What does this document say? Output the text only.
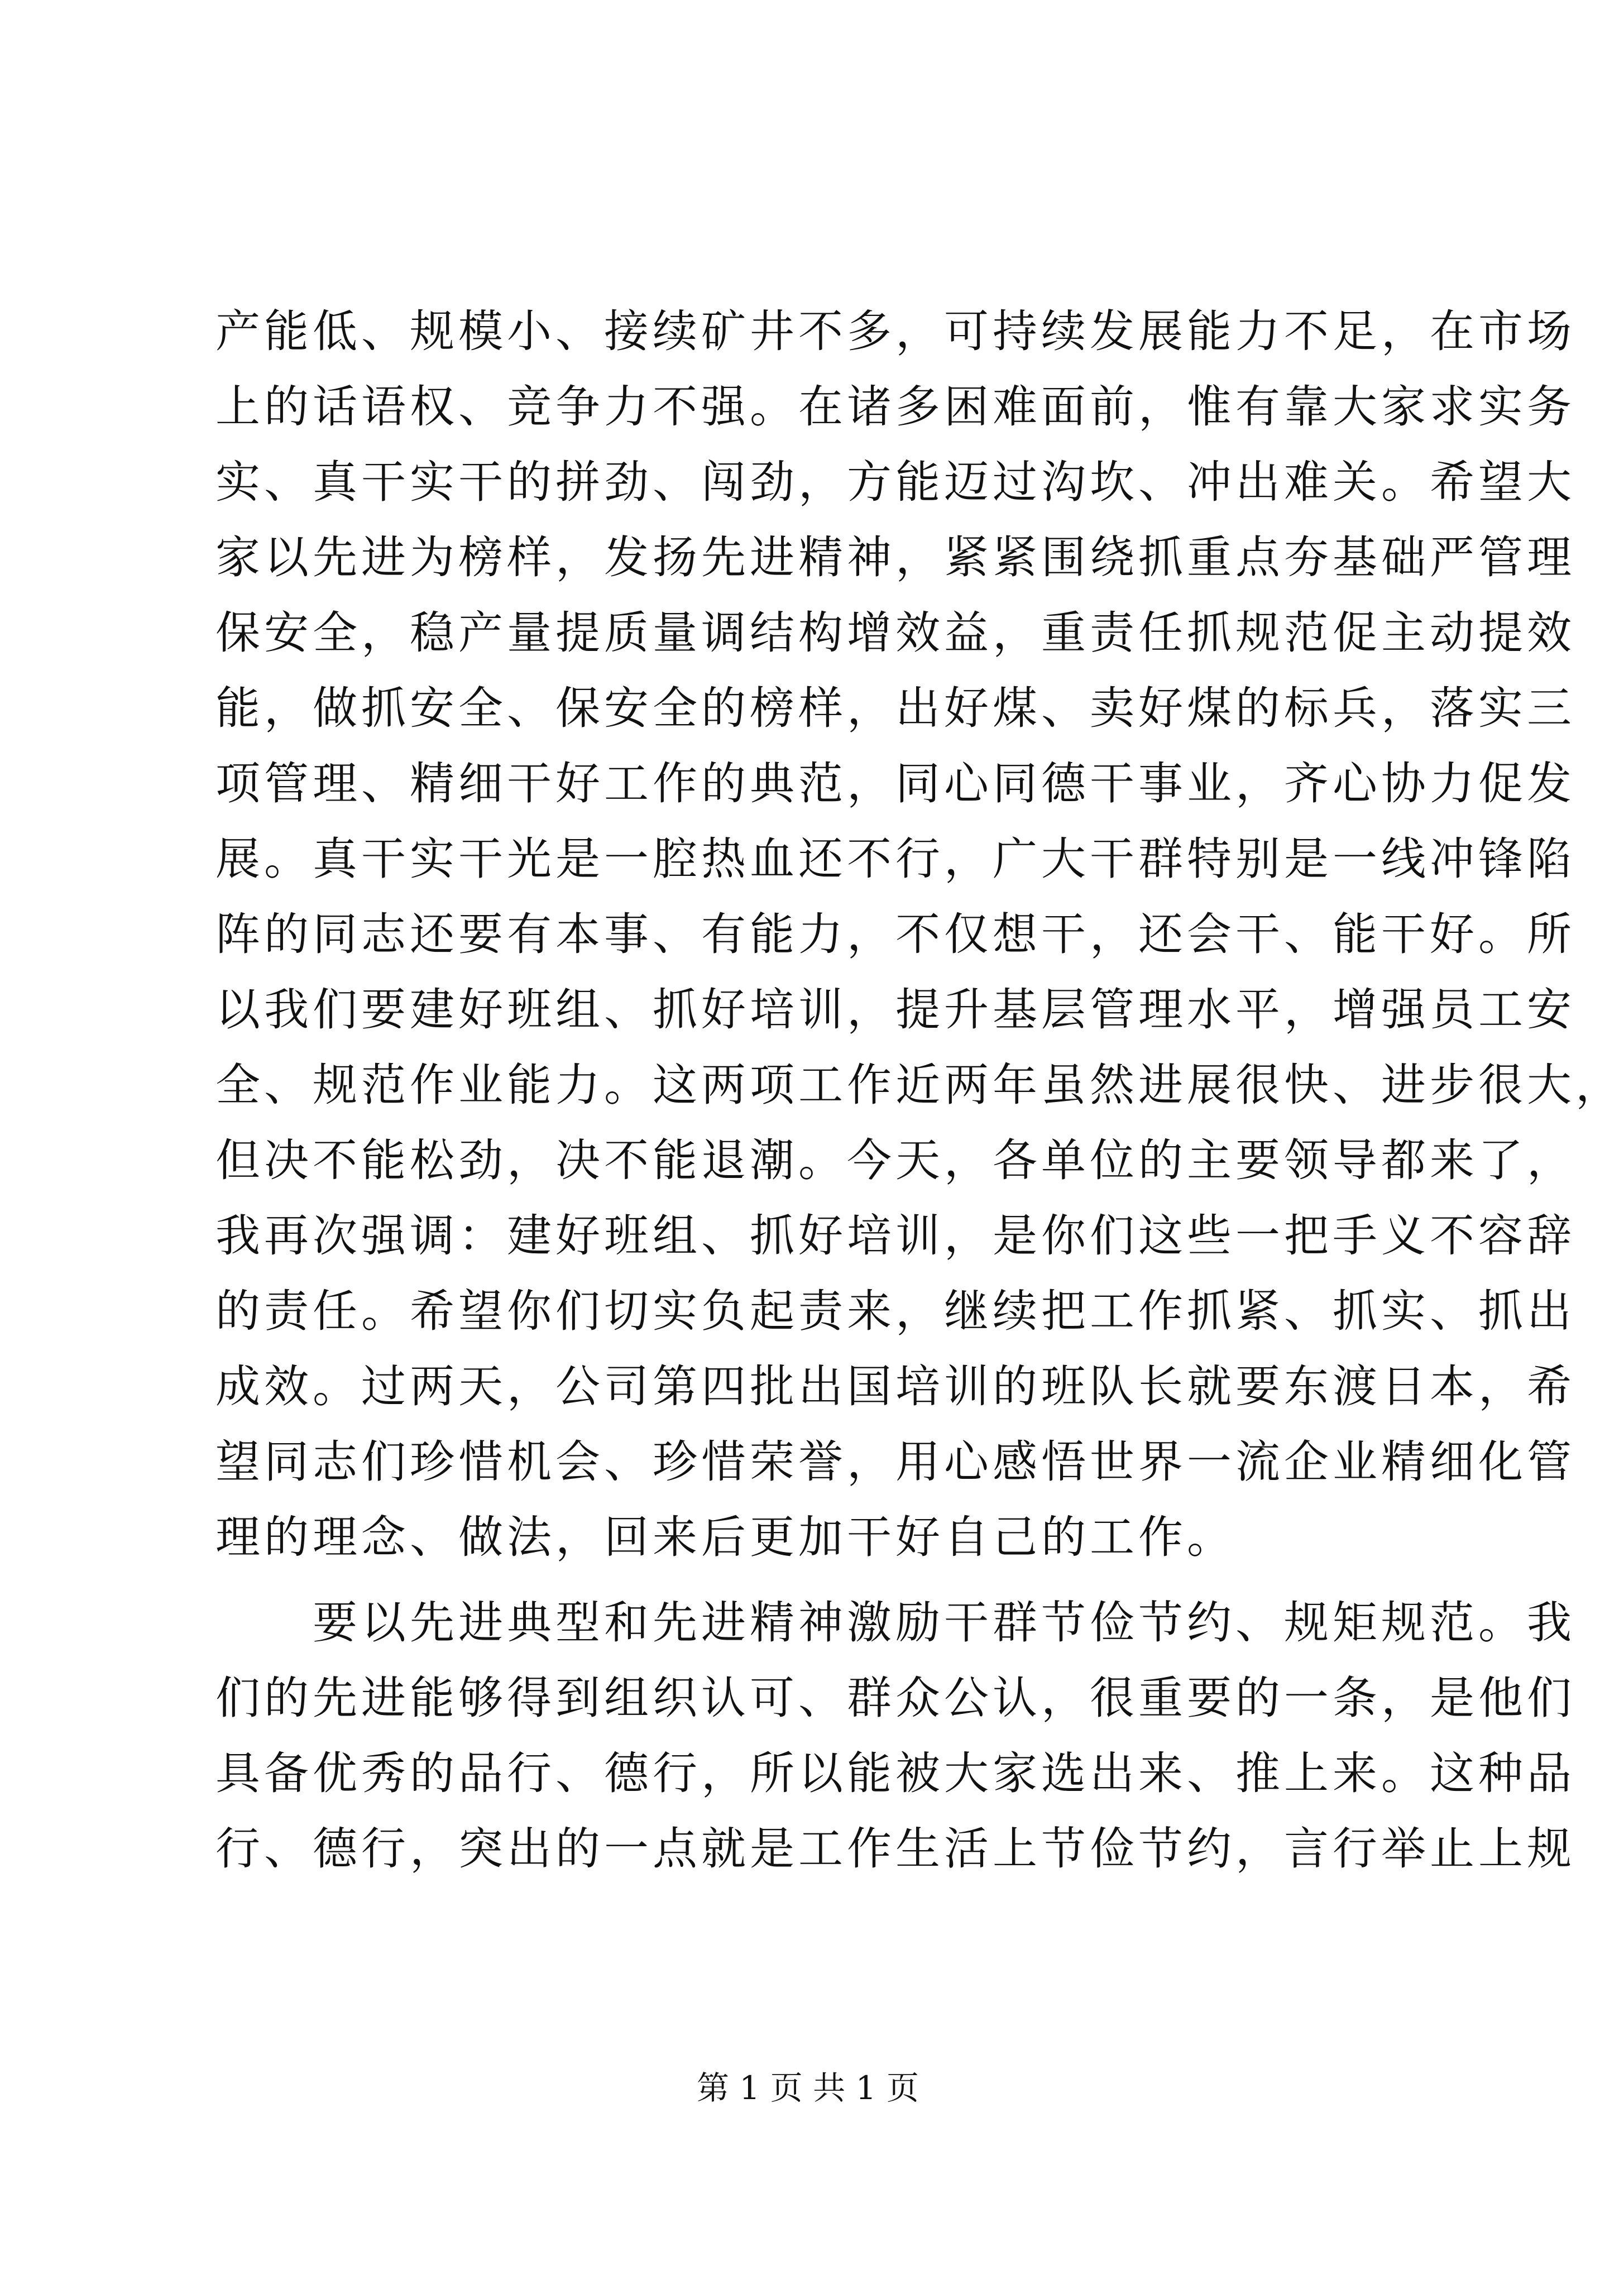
产能低、规模小、接续矿井不多，可持续发展能力不足，在市场
上的话语权、竞争力不强。在诸多困难面前，惟有靠大家求实务
实、真干实干的拼劲、闯劲，方能迈过沟坎、冲出难关。希望大
家以先进为榜样，发扬先进精神，紧紧围绕抓重点夯基础严管理
保安全，稳产量提质量调结构增效益，重责任抓规范促主动提效
能，做抓安全、保安全的榜样，出好煤、卖好煤的标兵，落实三
项管理、精细干好工作的典范，同心同德干事业，齐心协力促发
展。真干实干光是一腔热血还不行，广大干群特别是一线冲锋陷
阵的同志还要有本事、有能力，不仅想干，还会干、能干好。所
以我们要建好班组、抓好培训，提升基层管理水平，增强员工安
全、规范作业能力。这两项工作近两年虽然进展很快、进步很大，
但决不能松劲，决不能退潮。今天，各单位的主要领导都来了，
我再次强调：建好班组、抓好培训，是你们这些一把手义不容辞
的责任。希望你们切实负起责来，继续把工作抓紧、抓实、抓出
成效。过两天，公司第四批出国培训的班队长就要东渡日本，希
望同志们珍惜机会、珍惜荣誉，用心感悟世界一流企业精细化管
理的理念、做法，回来后更加干好自己的工作。
　　要以先进典型和先进精神激励干群节俭节约、规矩规范。我
们的先进能够得到组织认可、群众公认，很重要的一条，是他们
具备优秀的品行、德行，所以能被大家选出来、推上来。这种品
行、德行，突出的一点就是工作生活上节俭节约，言行举止上规
第 1 页 共 1 页
